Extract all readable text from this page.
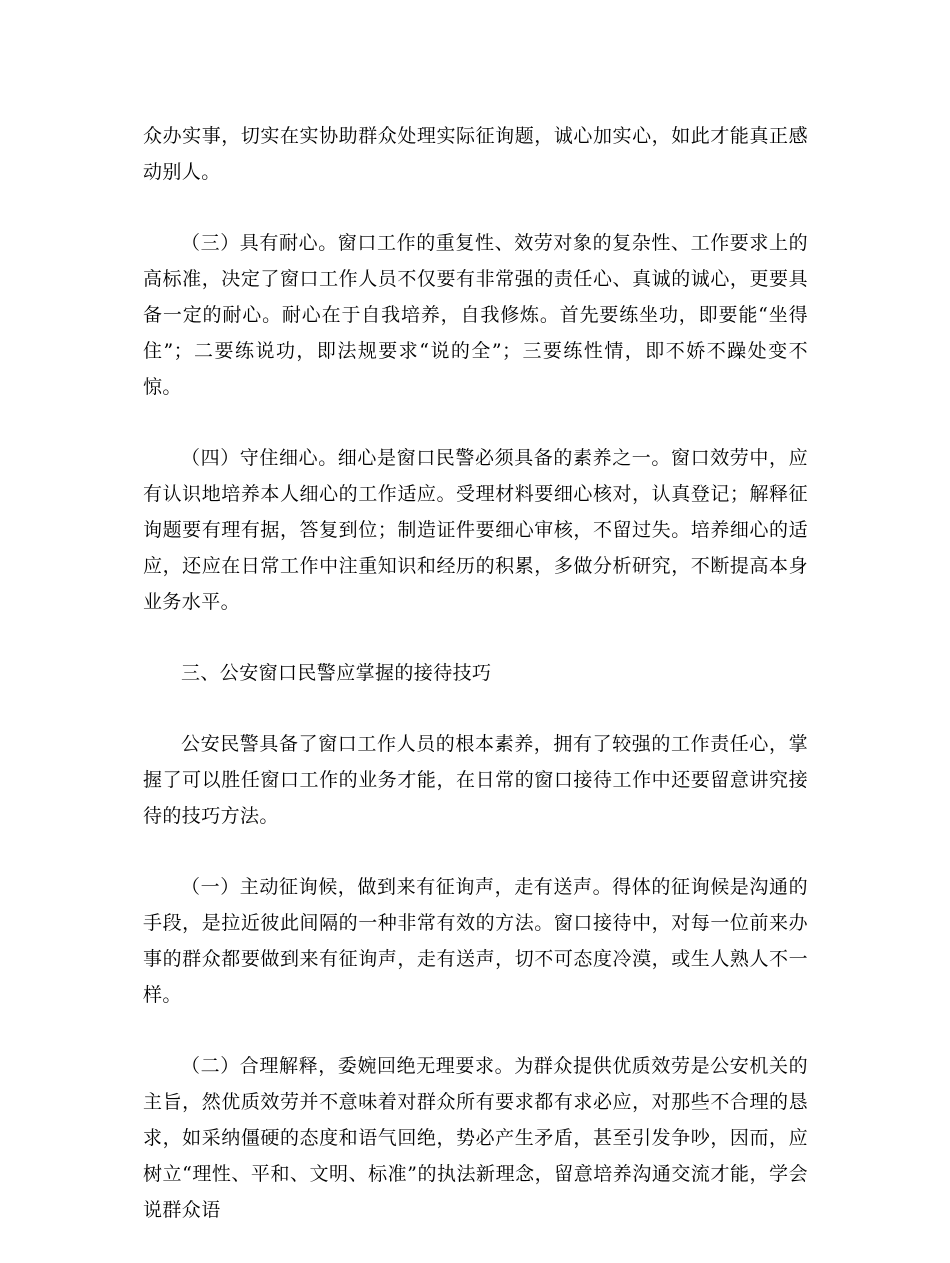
众办实事，切实在实协助群众处理实际征询题，诚心加实心，如此才能真正感动别人。

（三）具有耐心。窗口工作的重复性、效劳对象的复杂性、工作要求上的高标准，决定了窗口工作人员不仅要有非常强的责任心、真诚的诚心，更要具备一定的耐心。耐心在于自我培养，自我修炼。首先要练坐功，即要能“坐得住”；二要练说功，即法规要求“说的全”；三要练性情，即不娇不躁处变不惊。

（四）守住细心。细心是窗口民警必须具备的素养之一。窗口效劳中，应有认识地培养本人细心的工作适应。受理材料要细心核对，认真登记；解释征询题要有理有据，答复到位；制造证件要细心审核，不留过失。培养细心的适应，还应在日常工作中注重知识和经历的积累，多做分析研究，不断提高本身业务水平。

三、公安窗口民警应掌握的接待技巧

公安民警具备了窗口工作人员的根本素养，拥有了较强的工作责任心，掌握了可以胜任窗口工作的业务才能，在日常的窗口接待工作中还要留意讲究接待的技巧方法。

（一）主动征询候，做到来有征询声，走有送声。得体的征询候是沟通的手段，是拉近彼此间隔的一种非常有效的方法。窗口接待中，对每一位前来办事的群众都要做到来有征询声，走有送声，切不可态度冷漠，或生人熟人不一样。

（二）合理解释，委婉回绝无理要求。为群众提供优质效劳是公安机关的主旨，然优质效劳并不意味着对群众所有要求都有求必应，对那些不合理的恳求，如采纳僵硬的态度和语气回绝，势必产生矛盾，甚至引发争吵，因而，应树立“理性、平和、文明、标准”的执法新理念，留意培养沟通交流才能，学会说群众语
